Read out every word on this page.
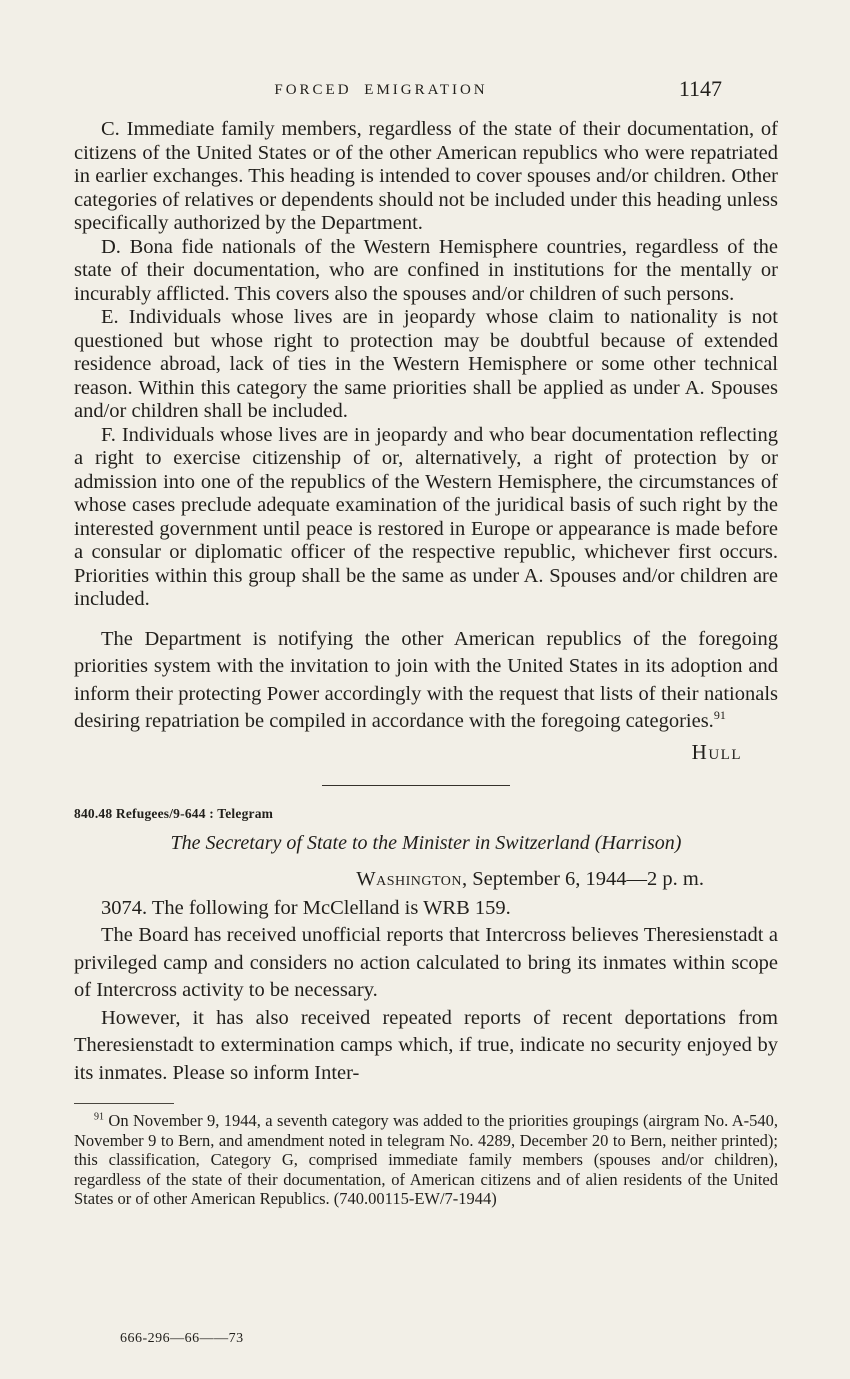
FORCED EMIGRATION	1147

C. Immediate family members, regardless of the state of their documentation, of citizens of the United States or of the other American republics who were repatriated in earlier exchanges. This heading is intended to cover spouses and/or children. Other categories of relatives or dependents should not be included under this heading unless specifically authorized by the Department.

D. Bona fide nationals of the Western Hemisphere countries, regardless of the state of their documentation, who are confined in institutions for the mentally or incurably afflicted. This covers also the spouses and/or children of such persons.

E. Individuals whose lives are in jeopardy whose claim to nationality is not questioned but whose right to protection may be doubtful because of extended residence abroad, lack of ties in the Western Hemisphere or some other technical reason. Within this category the same priorities shall be applied as under A. Spouses and/or children shall be included.

F. Individuals whose lives are in jeopardy and who bear documentation reflecting a right to exercise citizenship of or, alternatively, a right of protection by or admission into one of the republics of the Western Hemisphere, the circumstances of whose cases preclude adequate examination of the juridical basis of such right by the interested government until peace is restored in Europe or appearance is made before a consular or diplomatic officer of the respective republic, whichever first occurs. Priorities within this group shall be the same as under A. Spouses and/or children are included.

The Department is notifying the other American republics of the foregoing priorities system with the invitation to join with the United States in its adoption and inform their protecting Power accordingly with the request that lists of their nationals desiring repatriation be compiled in accordance with the foregoing categories.$^{91}$

Hull

840.48 Refugees/9-644 : Telegram

The Secretary of State to the Minister in Switzerland (Harrison)

Washington, September 6, 1944—2 p. m.

3074. The following for McClelland is WRB 159.

The Board has received unofficial reports that Intercross believes Theresienstadt a privileged camp and considers no action calculated to bring its inmates within scope of Intercross activity to be necessary.

However, it has also received repeated reports of recent deportations from Theresienstadt to extermination camps which, if true, indicate no security enjoyed by its inmates. Please so inform Inter-

$^{91}$ On November 9, 1944, a seventh category was added to the priorities groupings (airgram No. A-540, November 9 to Bern, and amendment noted in telegram No. 4289, December 20 to Bern, neither printed); this classification, Category G, comprised immediate family members (spouses and/or children), regardless of the state of their documentation, of American citizens and of alien residents of the United States or of other American Republics. (740.00115-EW/7-1944)

666-296—66——73
